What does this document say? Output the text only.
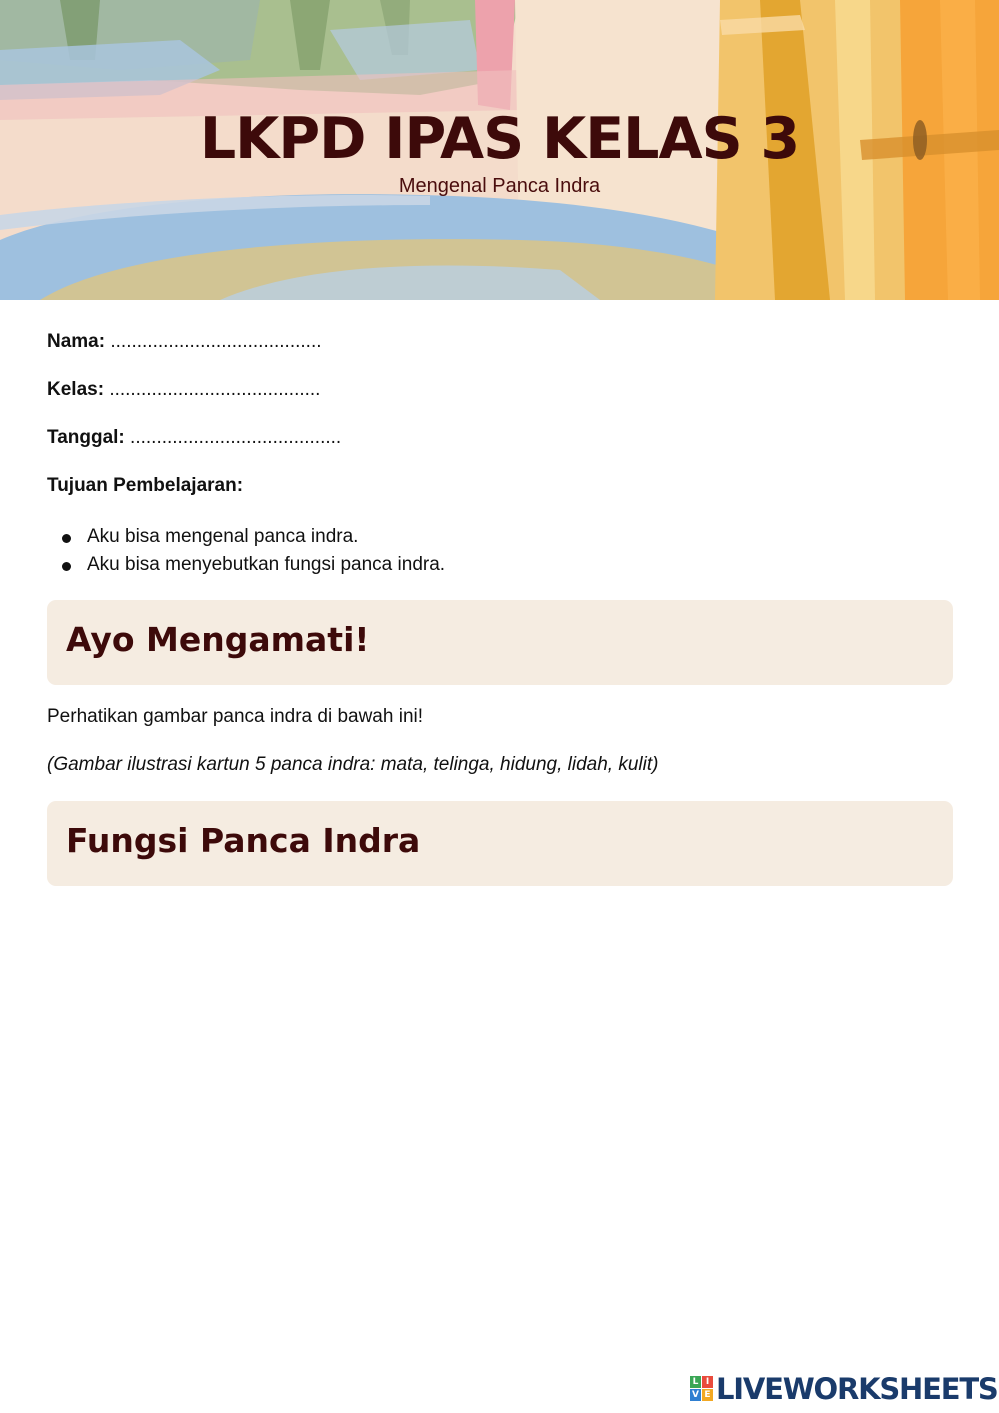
LKPD IPAS KELAS 3
Mengenal Panca Indra
Nama: ........................................
Kelas: ........................................
Tanggal: ........................................
Tujuan Pembelajaran:
Aku bisa mengenal panca indra.
Aku bisa menyebutkan fungsi panca indra.
Ayo Mengamati!
Perhatikan gambar panca indra di bawah ini!
(Gambar ilustrasi kartun 5 panca indra: mata, telinga, hidung, lidah, kulit)
Fungsi Panca Indra
L I
V E LIVEWORKSHEETS
